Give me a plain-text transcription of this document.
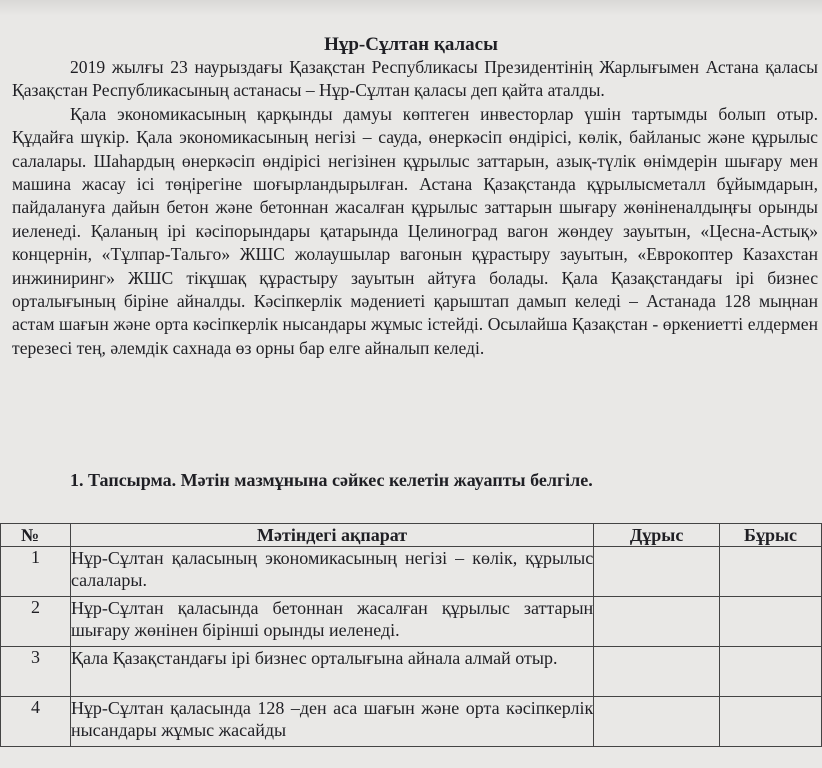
Нұр-Сұлтан қаласы

2019 жылғы 23 наурыздағы Қазақстан Республикасы Президентінің Жарлығымен Астана қаласы Қазақстан Республикасының астанасы – Нұр-Сұлтан қаласы деп қайта аталды.

Қала экономикасының қарқынды дамуы көптеген инвесторлар үшін тартымды болып отыр. Құдайға шүкір. Қала экономикасының негізі – сауда, өнеркәсіп өндірісі, көлік, байланыс және құрылыс салалары. Шаһардың өнеркәсіп өндірісі негізінен құрылыс заттарын, азық-түлік өнімдерін шығару мен машина жасау ісі төңірегіне шоғырландырылған. Астана Қазақстанда құрылысметалл бұйымдарын, пайдалануға дайын бетон және бетоннан жасалған құрылыс заттарын шығару жөніненалдыңғы орынды иеленеді. Қаланың ірі кәсіпорындары қатарында Целиноград вагон жөндеу зауытын, «Цесна-Астық» концернін, «Тұлпар-Тальго» ЖШС жолаушылар вагонын құрастыру зауытын, «Еврокоптер Казахстан инжиниринг» ЖШС тікұшақ құрастыру зауытын айтуға болады. Қала Қазақстандағы ірі бизнес орталығының біріне айналды. Кәсіпкерлік мәдениеті қарыштап дамып келеді – Астанада 128 мыңнан астам шағын және орта кәсіпкерлік нысандары жұмыс істейді. Осылайша Қазақстан - өркениетті елдермен терезесі тең, әлемдік сахнада өз орны бар елге айналып келеді.

1. Тапсырма. Мәтін мазмұнына сәйкес келетін жауапты белгіле.
№	Мәтіндегі ақпарат	Дұрыс	Бұрыс
1	Нұр-Сұлтан қаласының экономикасының негізі – көлік, құрылыс салалары.		
2	Нұр-Сұлтан қаласында бетоннан жасалған құрылыс заттарын шығару жөнінен бірінші орынды иеленеді.		
3	Қала Қазақстандағы ірі бизнес орталығына айнала алмай отыр.		
4	Нұр-Сұлтан қаласында 128 –ден аса шағын және орта кәсіпкерлік нысандары жұмыс жасайды		
